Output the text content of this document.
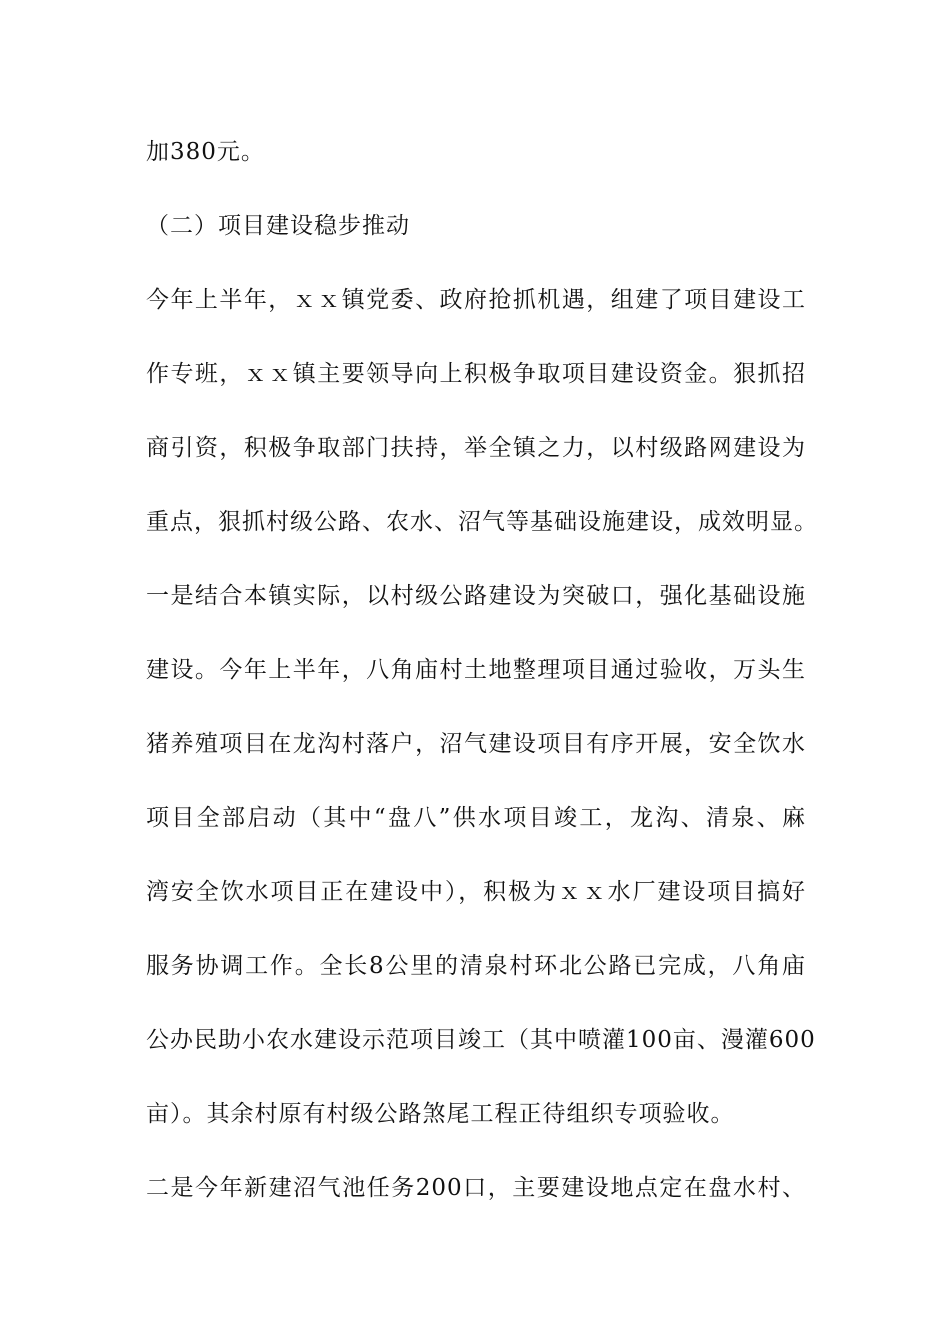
加380元。
（二）项目建设稳步推动
今年上半年，ｘｘ镇党委、政府抢抓机遇，组建了项目建设工
作专班，ｘｘ镇主要领导向上积极争取项目建设资金。狠抓招
商引资，积极争取部门扶持，举全镇之力，以村级路网建设为
重点，狠抓村级公路、农水、沼气等基础设施建设，成效明显。
一是结合本镇实际，以村级公路建设为突破口，强化基础设施
建设。今年上半年，八角庙村土地整理项目通过验收，万头生
猪养殖项目在龙沟村落户，沼气建设项目有序开展，安全饮水
项目全部启动（其中“盘八”供水项目竣工，龙沟、清泉、麻
湾安全饮水项目正在建设中），积极为ｘｘ水厂建设项目搞好
服务协调工作。全长8公里的清泉村环北公路已完成，八角庙
公办民助小农水建设示范项目竣工（其中喷灌100亩、漫灌600
亩）。其余村原有村级公路煞尾工程正待组织专项验收。
二是今年新建沼气池任务200口，主要建设地点定在盘水村、
